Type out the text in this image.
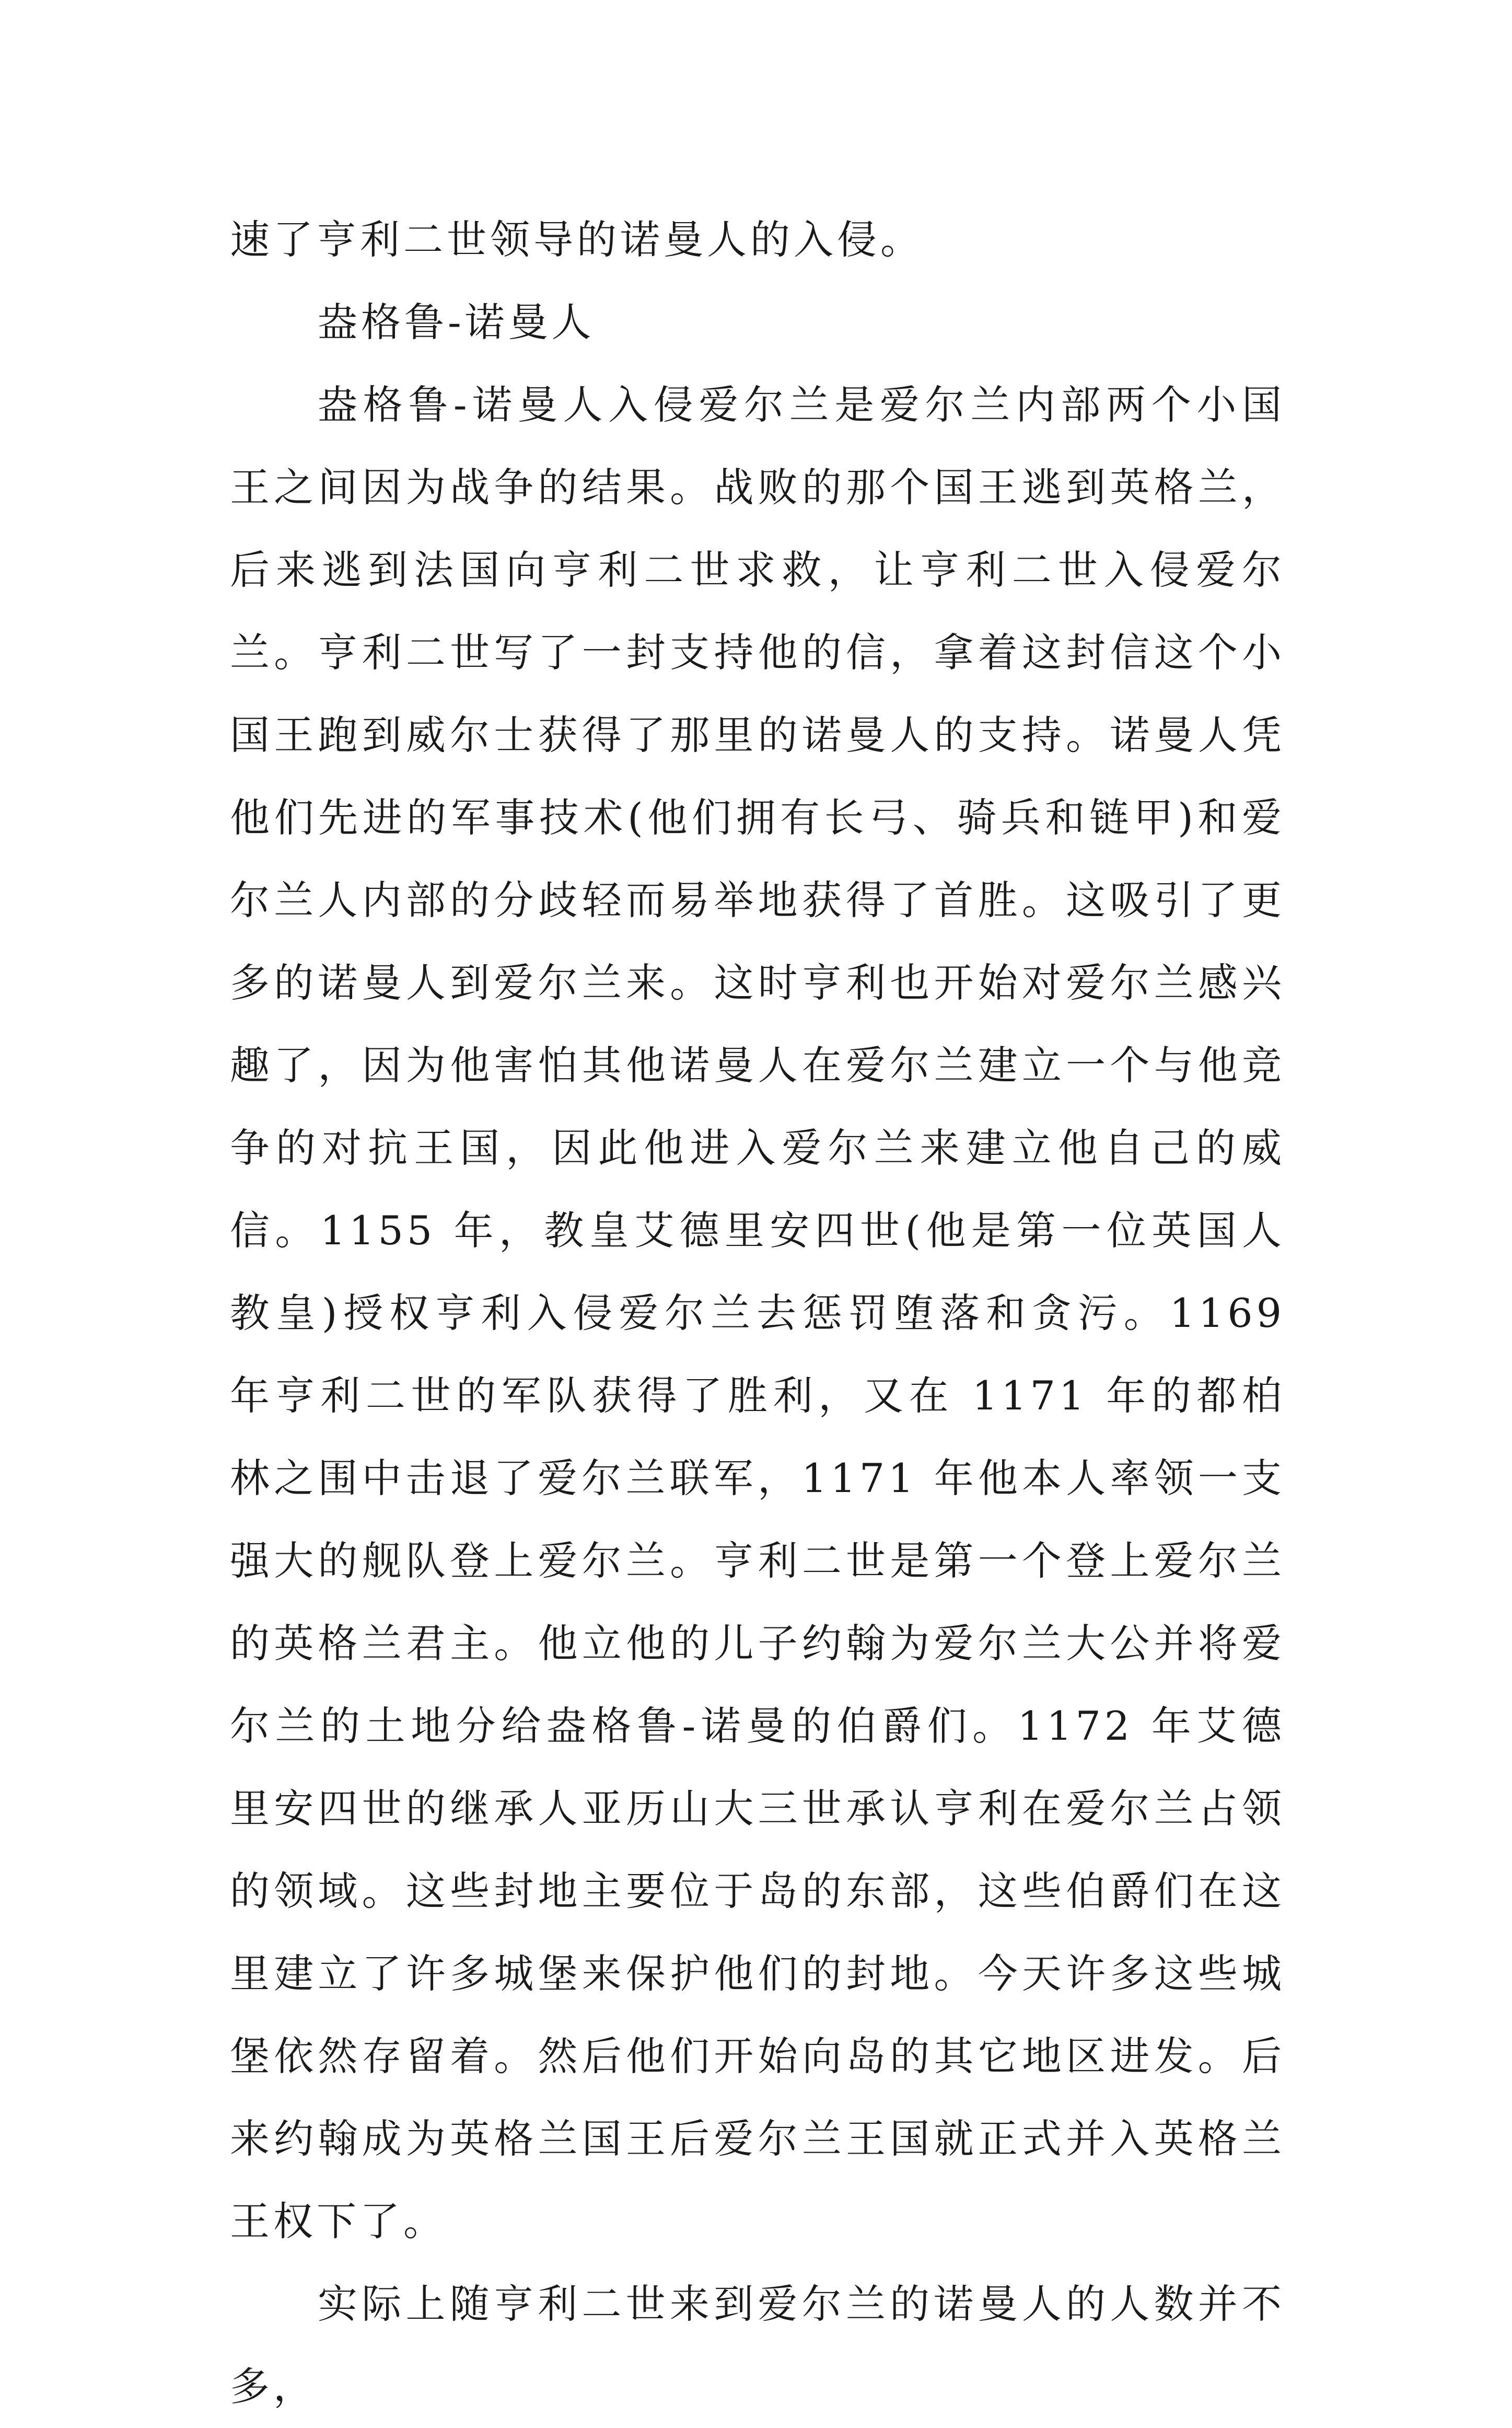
速了亨利二世领导的诺曼人的入侵。

盎格鲁-诺曼人

盎格鲁-诺曼人入侵爱尔兰是爱尔兰内部两个小国王之间因为战争的结果。战败的那个国王逃到英格兰，后来逃到法国向亨利二世求救，让亨利二世入侵爱尔兰。亨利二世写了一封支持他的信，拿着这封信这个小国王跑到威尔士获得了那里的诺曼人的支持。诺曼人凭他们先进的军事技术(他们拥有长弓、骑兵和链甲)和爱尔兰人内部的分歧轻而易举地获得了首胜。这吸引了更多的诺曼人到爱尔兰来。这时亨利也开始对爱尔兰感兴趣了，因为他害怕其他诺曼人在爱尔兰建立一个与他竞争的对抗王国，因此他进入爱尔兰来建立他自己的威信。1155 年，教皇艾德里安四世(他是第一位英国人教皇)授权亨利入侵爱尔兰去惩罚堕落和贪污。1169 年亨利二世的军队获得了胜利，又在 1171 年的都柏林之围中击退了爱尔兰联军，1171 年他本人率领一支强大的舰队登上爱尔兰。亨利二世是第一个登上爱尔兰的英格兰君主。他立他的儿子约翰为爱尔兰大公并将爱尔兰的土地分给盎格鲁-诺曼的伯爵们。1172 年艾德里安四世的继承人亚历山大三世承认亨利在爱尔兰占领的领域。这些封地主要位于岛的东部，这些伯爵们在这里建立了许多城堡来保护他们的封地。今天许多这些城堡依然存留着。然后他们开始向岛的其它地区进发。后来约翰成为英格兰国王后爱尔兰王国就正式并入英格兰王权下了。

实际上随亨利二世来到爱尔兰的诺曼人的人数并不多，
